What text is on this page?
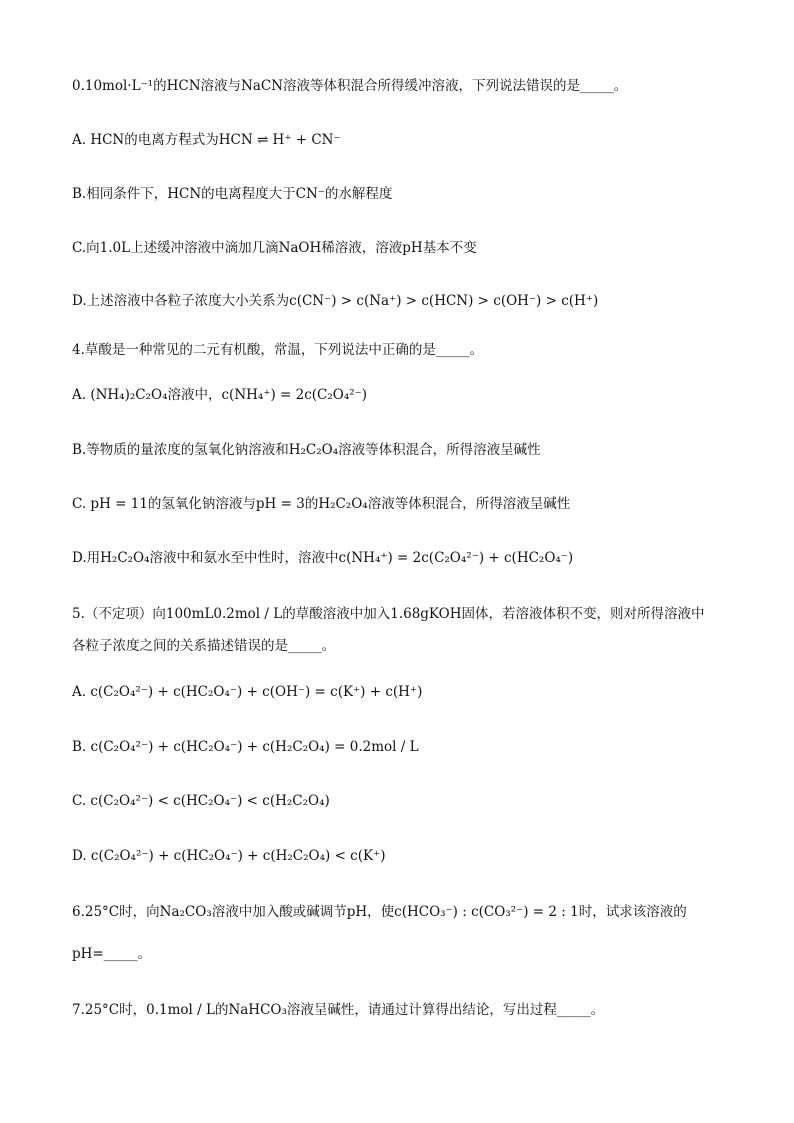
0.10mol·L⁻¹的HCN溶液与NaCN溶液等体积混合所得缓冲溶液，下列说法错误的是_____。
A. HCN的电离方程式为HCN ⇌ H⁺ + CN⁻
B.相同条件下，HCN的电离程度大于CN⁻的水解程度
C.向1.0L上述缓冲溶液中滴加几滴NaOH稀溶液，溶液pH基本不变
D.上述溶液中各粒子浓度大小关系为c(CN⁻) > c(Na⁺) > c(HCN) > c(OH⁻) > c(H⁺)
4.草酸是一种常见的二元有机酸，常温，下列说法中正确的是_____。
A. (NH₄)₂C₂O₄溶液中，c(NH₄⁺) = 2c(C₂O₄²⁻)
B.等物质的量浓度的氢氧化钠溶液和H₂C₂O₄溶液等体积混合，所得溶液呈碱性
C. pH = 11的氢氧化钠溶液与pH = 3的H₂C₂O₄溶液等体积混合，所得溶液呈碱性
D.用H₂C₂O₄溶液中和氨水至中性时，溶液中c(NH₄⁺) = 2c(C₂O₄²⁻) + c(HC₂O₄⁻)
5.（不定项）向100mL0.2mol / L的草酸溶液中加入1.68gKOH固体，若溶液体积不变，则对所得溶液中
各粒子浓度之间的关系描述错误的是_____。
A. c(C₂O₄²⁻) + c(HC₂O₄⁻) + c(OH⁻) = c(K⁺) + c(H⁺)
B. c(C₂O₄²⁻) + c(HC₂O₄⁻) + c(H₂C₂O₄) = 0.2mol / L
C. c(C₂O₄²⁻) < c(HC₂O₄⁻) < c(H₂C₂O₄)
D. c(C₂O₄²⁻) + c(HC₂O₄⁻) + c(H₂C₂O₄) < c(K⁺)
6.25°C时，向Na₂CO₃溶液中加入酸或碱调节pH，使c(HCO₃⁻) : c(CO₃²⁻) = 2 : 1时，试求该溶液的
pH=_____。
7.25°C时，0.1mol / L的NaHCO₃溶液呈碱性，请通过计算得出结论，写出过程_____。
